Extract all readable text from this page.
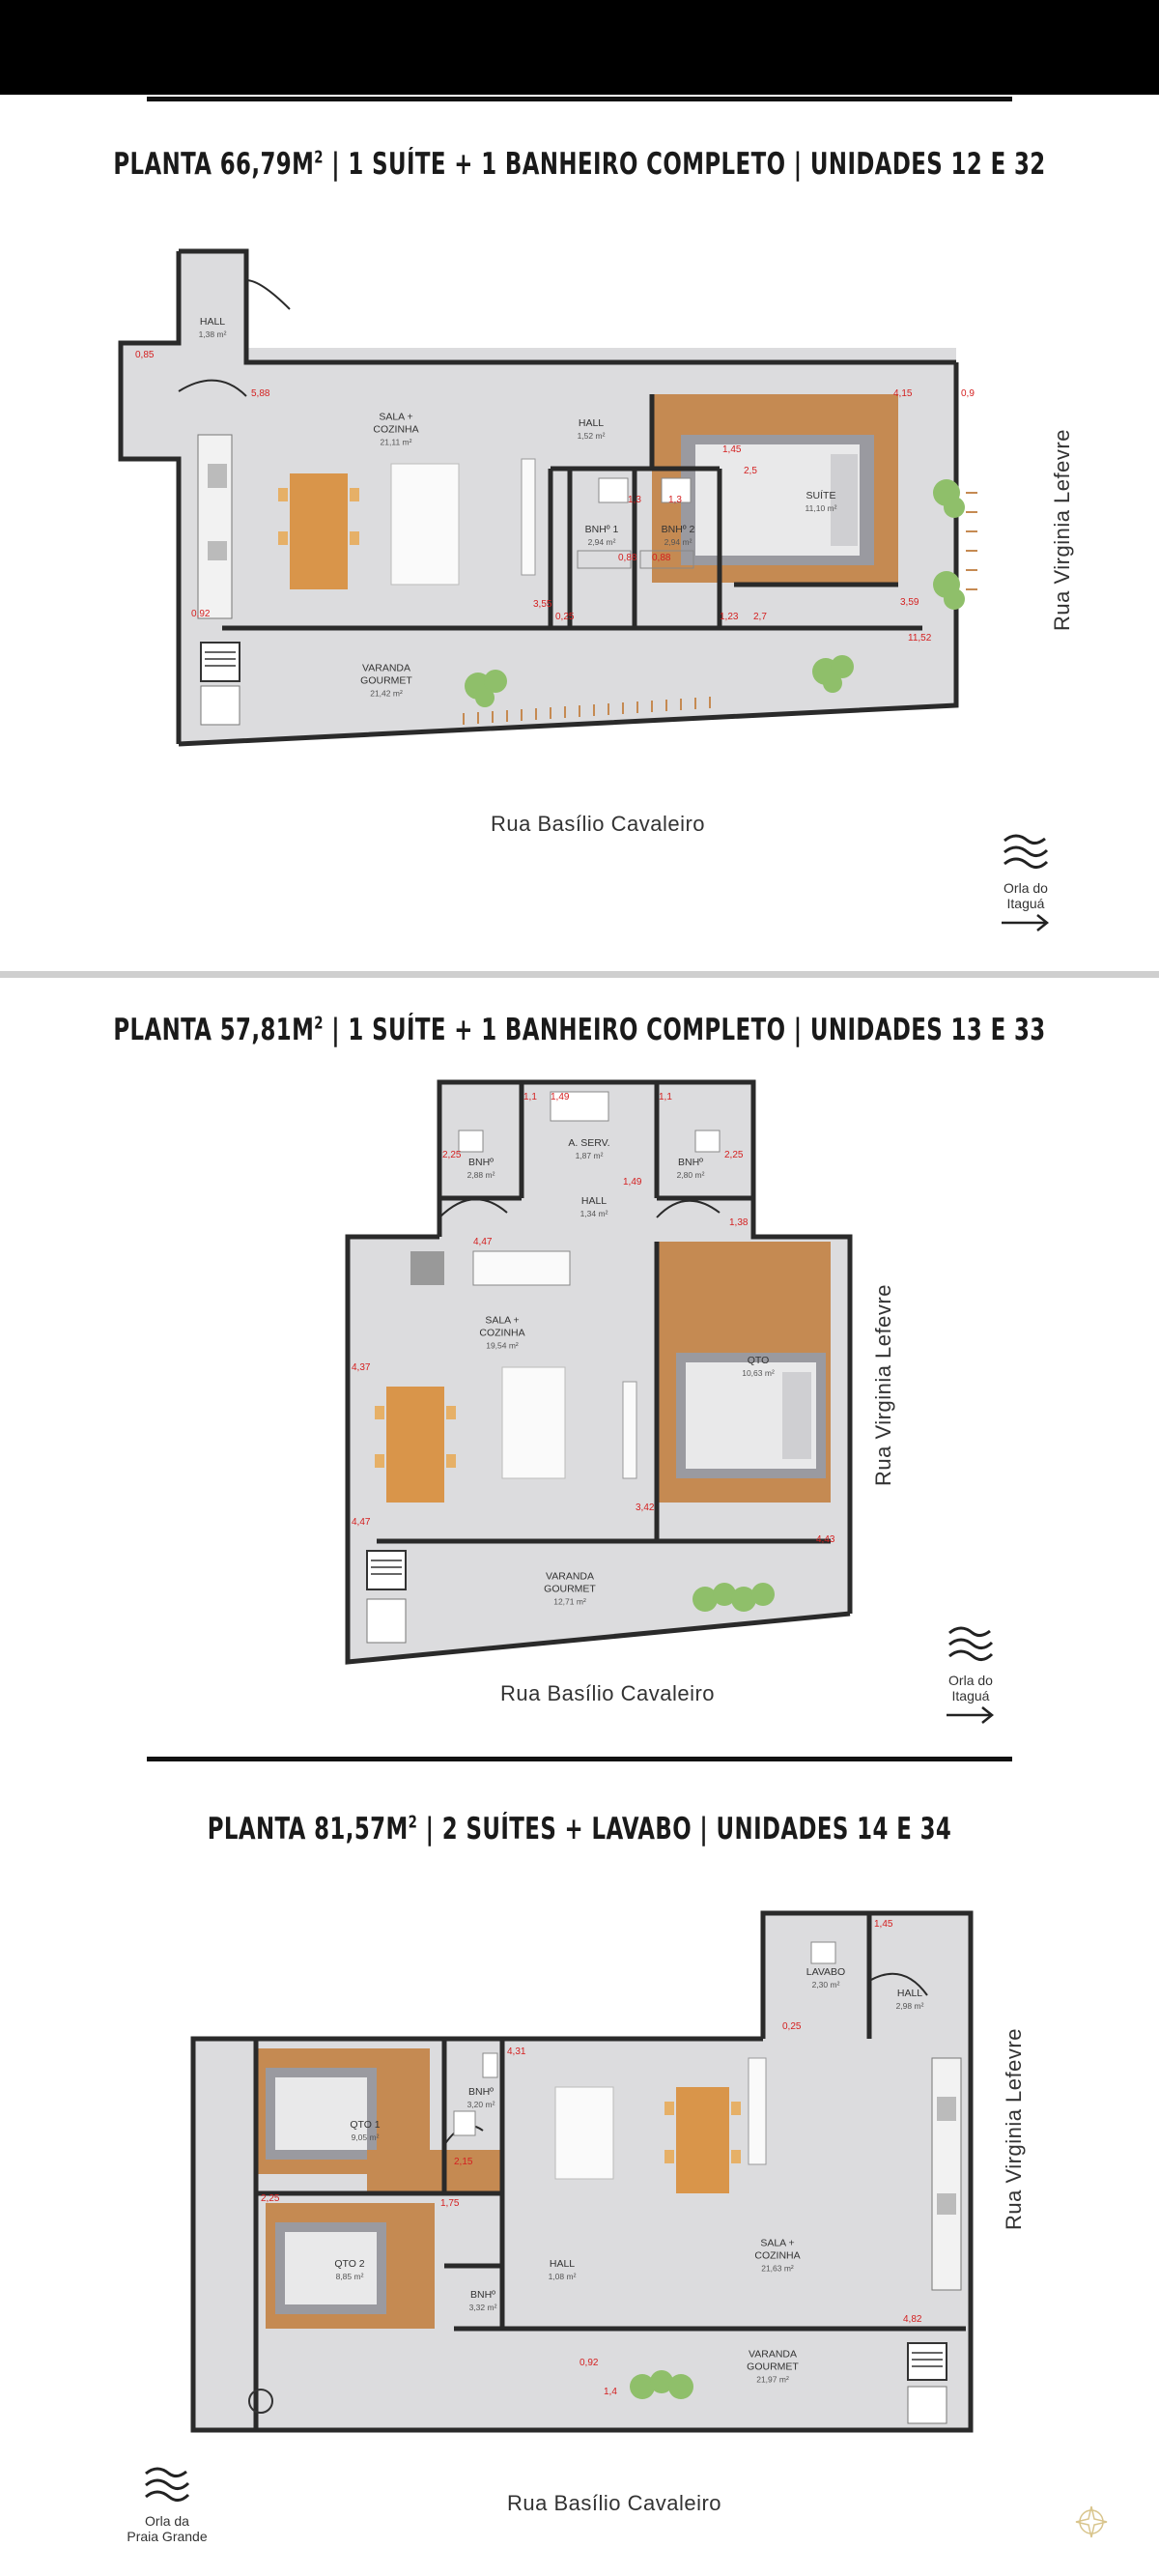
PLANTA $66,79M^2$ | 1 SUÍTE + 1 BANHEIRO COMPLETO | UNIDADES 12 E 32
HALL
1,38 m²
SALA +
COZINHA
21,11 m²
HALL
1,52 m²
BNHº 1
2,94 m²
BNHº 2
2,94 m²
SUÍTE
11,10 m²
VARANDA
GOURMET
21,42 m²
0,85
5,88	4,15	0,9
1,45
2,5
0,92	0,25	1,23 2,7
11,52
3,55	3,59
0,88 0,88
1,3	1,3
Rua Basílio Cavaleiro
Rua Virginia Lefevre
Orla do
Itaguá
PLANTA $57,81M^2$ | 1 SUÍTE + 1 BANHEIRO COMPLETO | UNIDADES 13 E 33
BNHº
2,88 m²
A. SERV.
1,87 m²
BNHº
2,80 m²
HALL
1,34 m²
SALA +
COZINHA
19,54 m²
QTO
10,63 m²
VARANDA
GOURMET
12,71 m²
1,1 1,49	1,1
2,25	2,25
1,49
4,47
4,37
4,47
3,42
4,43
1,38
Rua Basílio Cavaleiro
Rua Virginia Lefevre
Orla do
Itaguá
PLANTA $81,57M^2$ | 2 SUÍTES + LAVABO | UNIDADES 14 E 34
LAVABO
2,30 m²
HALL
2,98 m²
QTO 1
9,05 m²
BNHº
3,20 m²
HALL
1,08 m²
QTO 2
8,85 m²
BNHº
3,32 m²
SALA +
COZINHA
21,63 m²
VARANDA
GOURMET
21,97 m²
1,45
0,25
4,31
2,15
2,25	1,75
4,82
1,4
0,92
Rua Basílio Cavaleiro
Rua Virginia Lefevre
Orla da
Praia Grande
